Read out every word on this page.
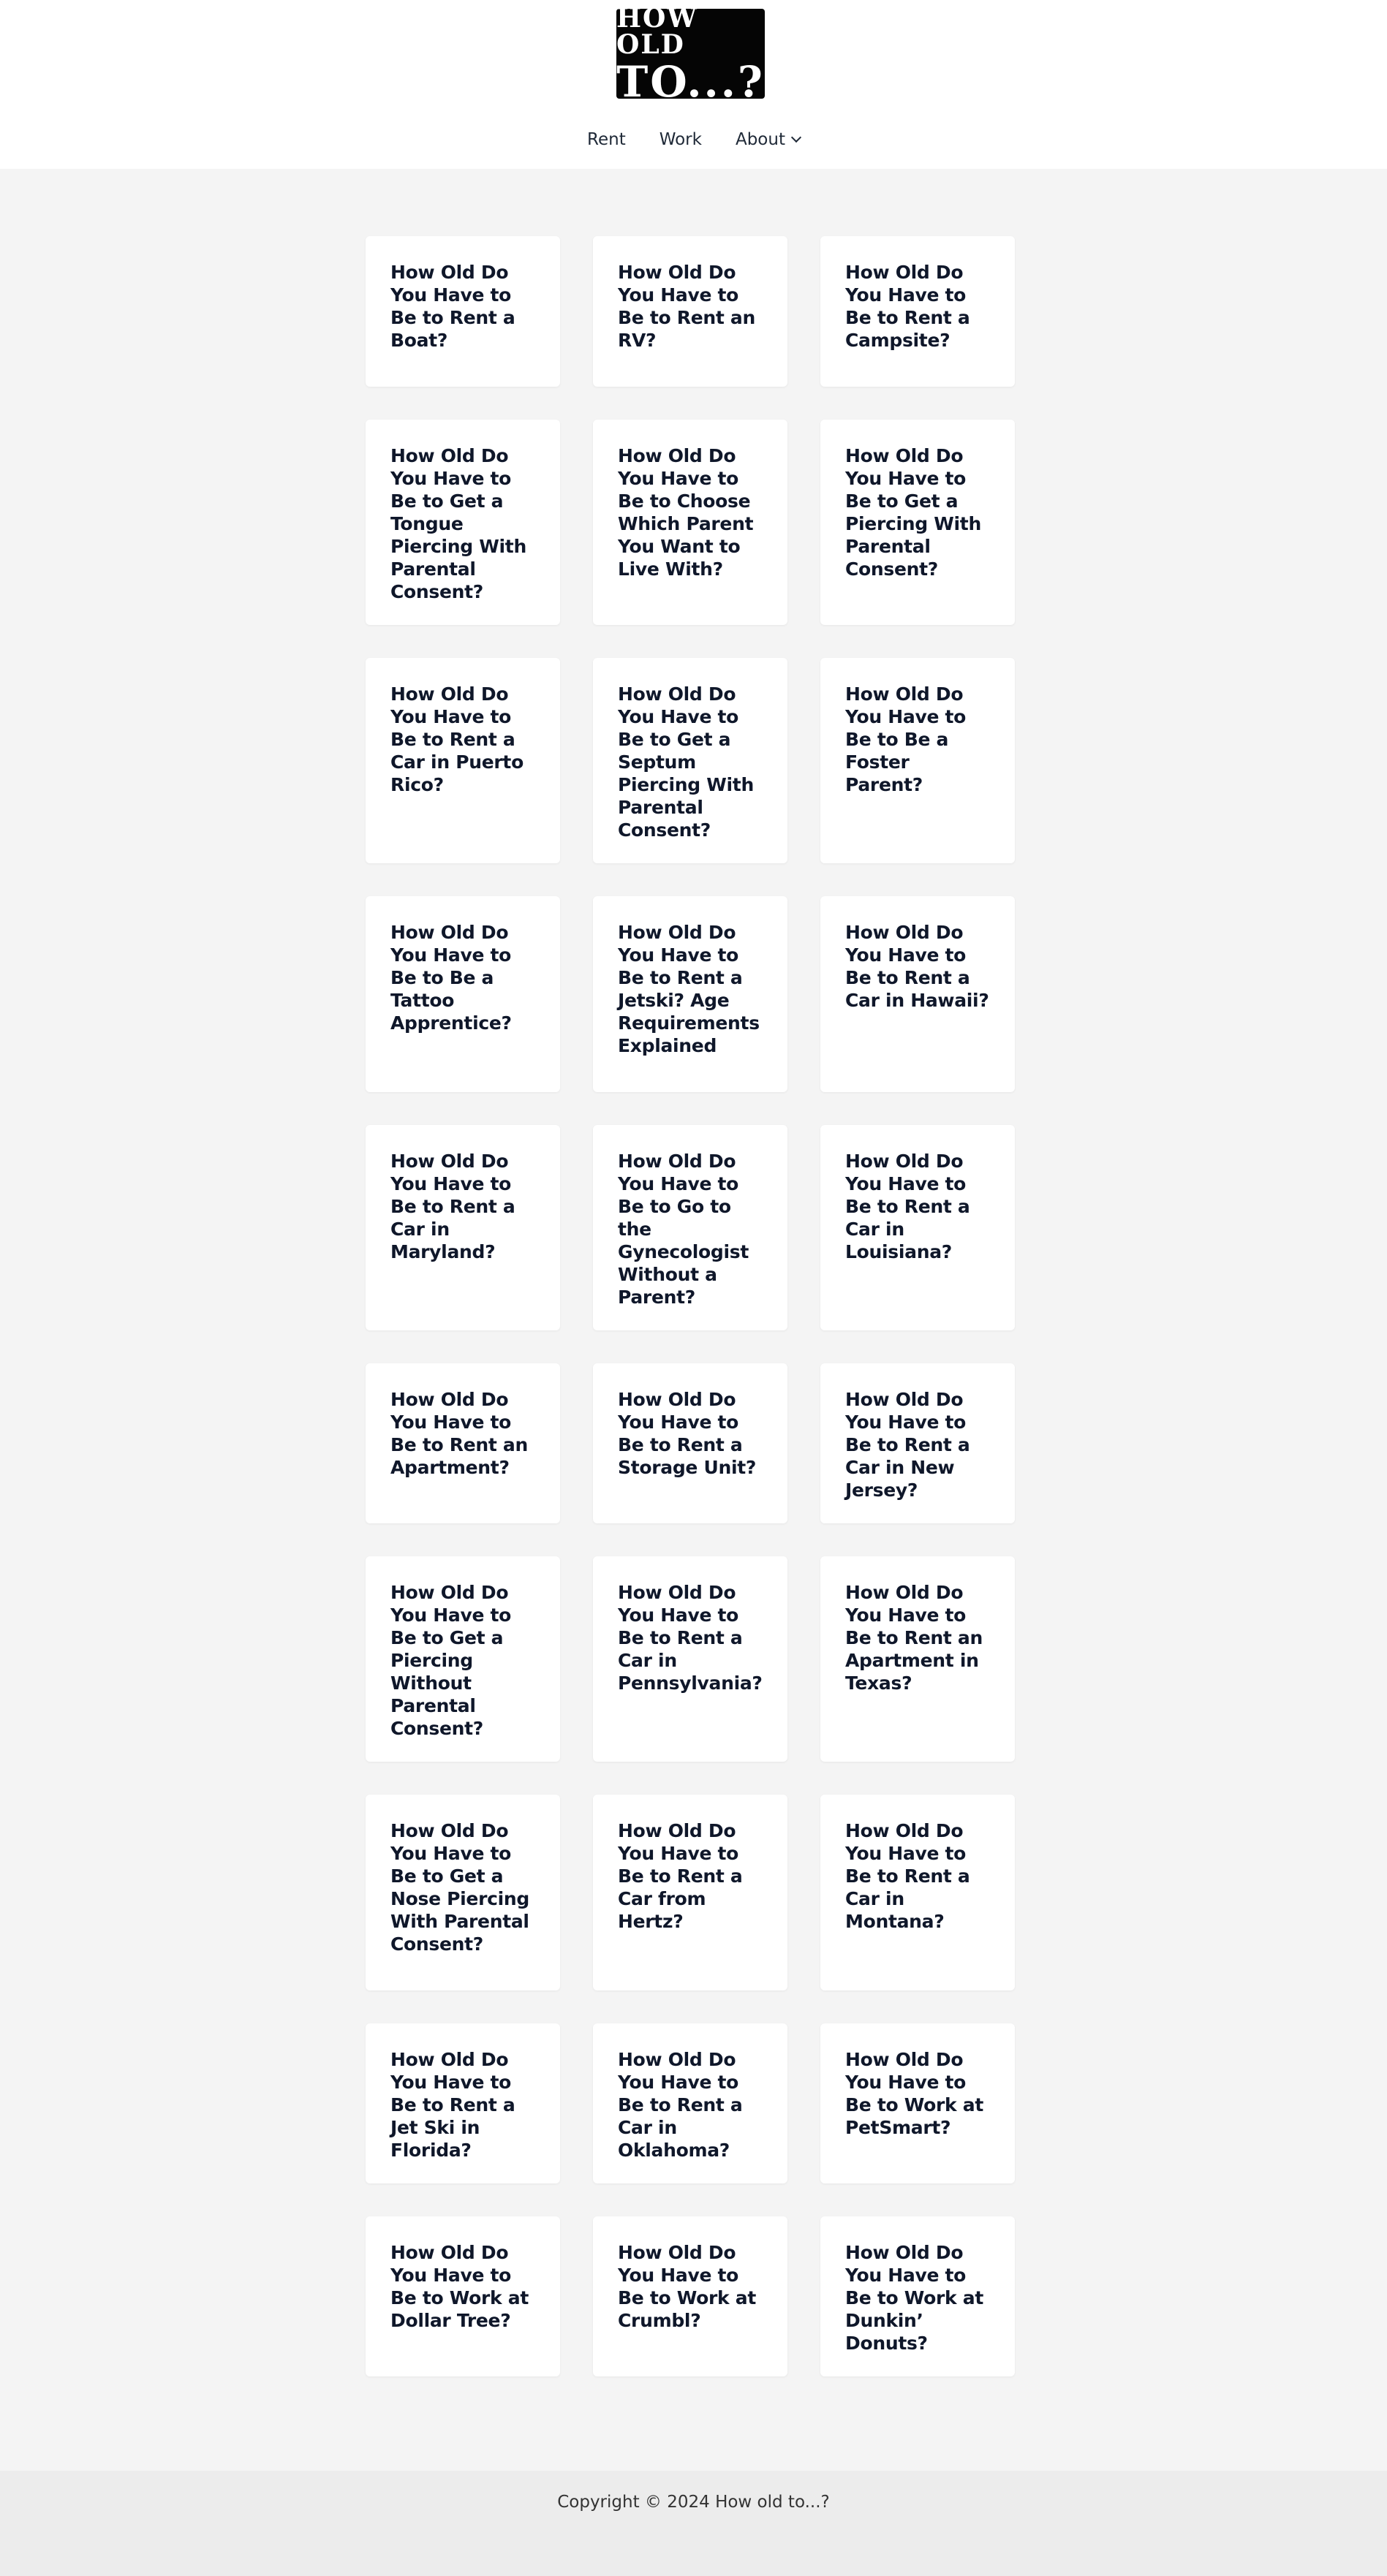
HOW OLD
TO...?
Rent Work About
How Old Do You Have to Be to Rent a Boat?
How Old Do You Have to Be to Rent an RV?
How Old Do You Have to Be to Rent a Campsite?
How Old Do You Have to Be to Get a Tongue Piercing With Parental Consent?
How Old Do You Have to Be to Choose Which Parent You Want to Live With?
How Old Do You Have to Be to Get a Piercing With Parental Consent?
How Old Do You Have to Be to Rent a Car in Puerto Rico?
How Old Do You Have to Be to Get a Septum Piercing With Parental Consent?
How Old Do You Have to Be to Be a Foster Parent?
How Old Do You Have to Be to Be a Tattoo Apprentice?
How Old Do You Have to Be to Rent a Jetski? Age Requirements Explained
How Old Do You Have to Be to Rent a Car in Hawaii?
How Old Do You Have to Be to Rent a Car in Maryland?
How Old Do You Have to Be to Go to the Gynecologist Without a Parent?
How Old Do You Have to Be to Rent a Car in Louisiana?
How Old Do You Have to Be to Rent an Apartment?
How Old Do You Have to Be to Rent a Storage Unit?
How Old Do You Have to Be to Rent a Car in New Jersey?
How Old Do You Have to Be to Get a Piercing Without Parental Consent?
How Old Do You Have to Be to Rent a Car in Pennsylvania?
How Old Do You Have to Be to Rent an Apartment in Texas?
How Old Do You Have to Be to Get a Nose Piercing With Parental Consent?
How Old Do You Have to Be to Rent a Car from Hertz?
How Old Do You Have to Be to Rent a Car in Montana?
How Old Do You Have to Be to Rent a Jet Ski in Florida?
How Old Do You Have to Be to Rent a Car in Oklahoma?
How Old Do You Have to Be to Work at PetSmart?
How Old Do You Have to Be to Work at Dollar Tree?
How Old Do You Have to Be to Work at Crumbl?
How Old Do You Have to Be to Work at Dunkin’ Donuts?
Copyright © 2024 How old to...?
